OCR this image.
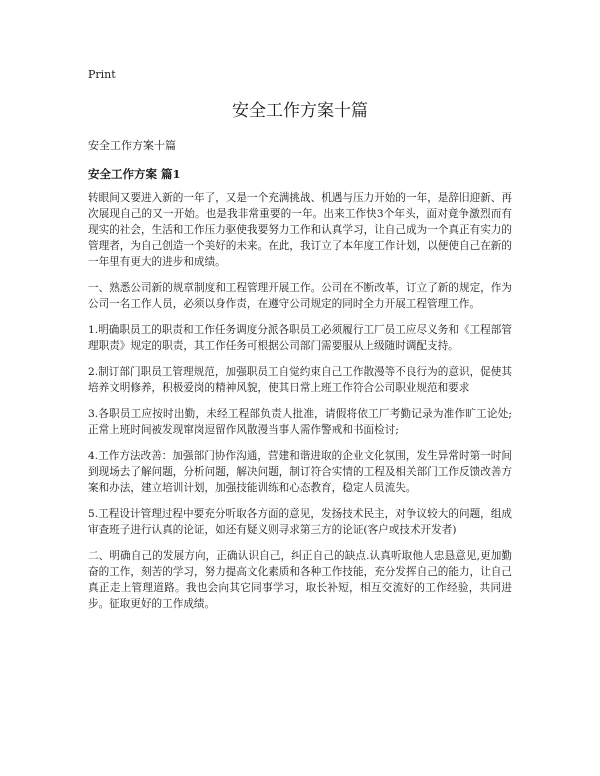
Print
安全工作方案十篇
安全工作方案十篇
安全工作方案 篇1

转眼间又要进入新的一年了，又是一个充满挑战、机遇与压力开始的一年，是辞旧迎新、再次展现自己的又一开始。也是我非常重要的一年。出来工作快3个年头，面对竟争激烈而有现实的社会，生活和工作压力驱使我要努力工作和认真学习，让自己成为一个真正有实力的管理者，为自己创造一个美好的未来。在此，我订立了本年度工作计划，以便使自己在新的一年里有更大的进步和成绩。

一、熟悉公司新的规章制度和工程管理开展工作。公司在不断改革，订立了新的规定，作为公司一名工作人员，必须以身作责，在遵守公司规定的同时全力开展工程管理工作。

1.明确职员工的职责和工作任务调度分派各职员工必须履行工厂员工应尽义务和《工程部管理职责》规定的职责，其工作任务可根据公司部门需要服从上级随时调配支持。

2.制订部门职员工管理规范，加强职员工自觉约束自己工作散漫等不良行为的意识，促使其培养文明修养，积极爱岗的精神风貌，使其日常上班工作符合公司职业规范和要求

3.各职员工应按时出勤，未经工程部负责人批准，请假将依工厂考勤记录为准作旷工论处;正常上班时间被发现窜岗逗留作风散漫当事人需作警戒和书面检讨;

4.工作方法改善：加强部门协作沟通，营建和谐进取的企业文化氛围，发生异常时第一时间到现场去了解问题，分析问题，解决问题，制订符合实情的工程及相关部门工作反馈改善方案和办法，建立培训计划，加强技能训练和心态教育，稳定人员流失。

5.工程设计管理过程中要充分听取各方面的意见，发扬技术民主，对争议较大的问题，组成审查班子进行认真的论证，如还有疑义则寻求第三方的论证(客户或技术开发者)

二、明确自己的发展方向，正确认识自己，纠正自己的缺点.认真听取他人忠恳意见,更加勤奋的工作，刻苦的学习，努力提高文化素质和各种工作技能，充分发挥自己的能力，让自己真正走上管理道路。我也会向其它同事学习，取长补短，相互交流好的工作经验，共同进步。征取更好的工作成绩。
